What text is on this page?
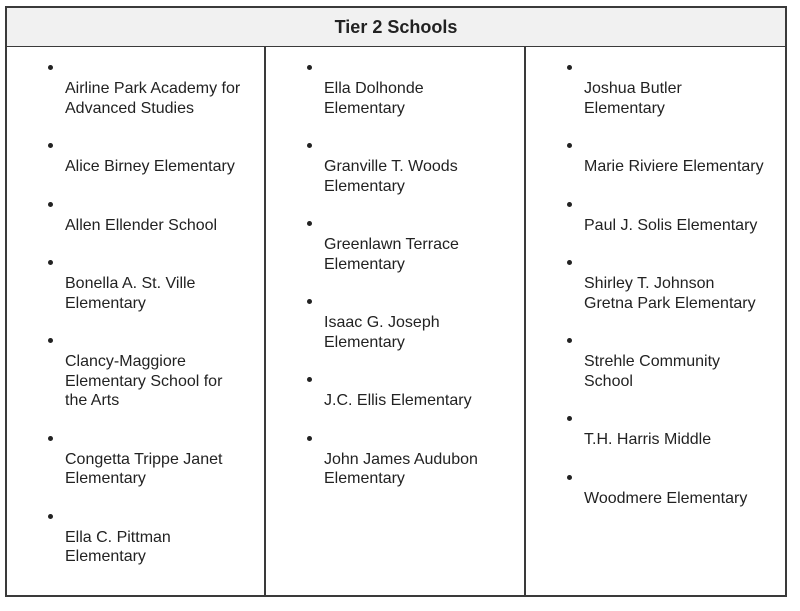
Tier 2 Schools
Airline Park Academy for
Advanced Studies
Alice Birney Elementary
Allen Ellender School
Bonella A. St. Ville
Elementary
Clancy-Maggiore
Elementary School for
the Arts
Congetta Trippe Janet
Elementary
Ella C. Pittman
Elementary
Ella Dolhonde
Elementary
Granville T. Woods
Elementary
Greenlawn Terrace
Elementary
Isaac G. Joseph
Elementary
J.C. Ellis Elementary
John James Audubon
Elementary
Joshua Butler
Elementary
Marie Riviere Elementary
Paul J. Solis Elementary
Shirley T. Johnson
Gretna Park Elementary
Strehle Community
School
T.H. Harris Middle
Woodmere Elementary
